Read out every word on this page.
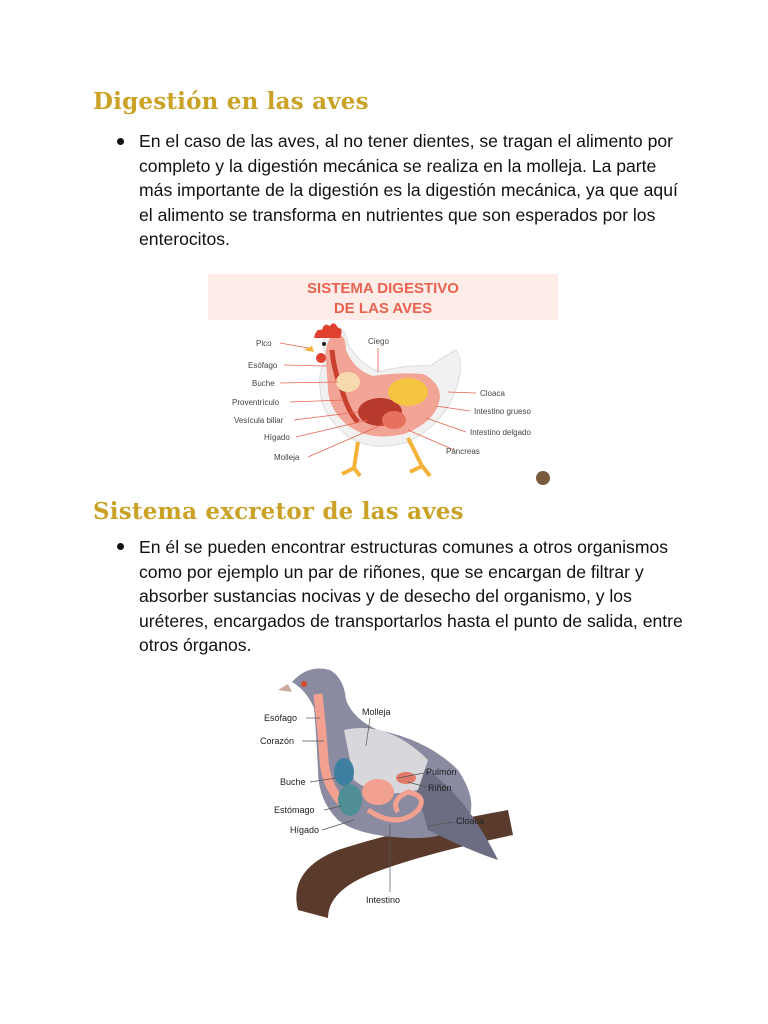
Digestión en las aves

En el caso de las aves, al no tener dientes, se tragan el alimento por completo y la digestión mecánica se realiza en la molleja. La parte más importante de la digestión es la digestión mecánica, ya que aquí el alimento se transforma en nutrientes que son esperados por los enterocitos.

SISTEMA DIGESTIVO
DE LAS AVES
Pico
Esófago
Buche
Proventrículo
Vesícula biliar
Hígado
Molleja
Ciego
Cloaca
Intestino grueso
Intestino delgado
Páncreas
Sistema excretor de las aves

En él se pueden encontrar estructuras comunes a otros organismos como por ejemplo un par de riñones, que se encargan de filtrar y absorber sustancias nocivas y de desecho del organismo, y los uréteres, encargados de transportarlos hasta el punto de salida, entre otros órganos.

Esófago
Corazón
Buche
Estómago
Hígado
Molleja
Pulmón
Riñón
Cloaca
Intestino
